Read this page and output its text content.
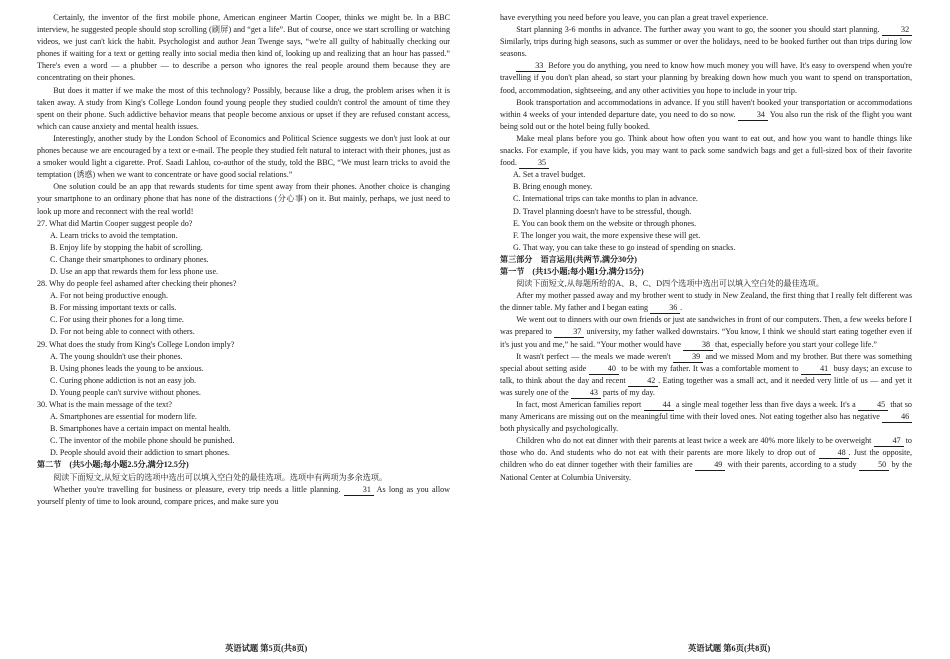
Certainly, the inventor of the first mobile phone, American engineer Martin Cooper, thinks we might be. In a BBC interview, he suggested people should stop scrolling (刷屏) and “get a life”. But of course, once we start scrolling or watching videos, we just can't kick the habit. Psychologist and author Jean Twenge says, “we're all guilty of habitually checking our phones if waiting for a text or getting really into social media then kind of, looking up and realizing that an hour has passed.” There's even a word — a phubber — to describe a person who ignores the real people around them because they are concentrating on their phones.

But does it matter if we make the most of this technology? Possibly, because like a drug, the problem arises when it is taken away. A study from King's College London found young people they studied couldn't control the amount of time they spent on their phone. Such addictive behavior means that people become anxious or upset if they are refused constant access, which can cause anxiety and mental health issues.

Interestingly, another study by the London School of Economics and Political Science suggests we don't just look at our phones because we are encouraged by a text or e-mail. The people they studied felt natural to interact with their phones, just as a smoker would light a cigarette. Prof. Saadi Lahlou, co-author of the study, told the BBC, “We must learn tricks to avoid the temptation (诱惑) when we want to concentrate or have good social relations.”

One solution could be an app that rewards students for time spent away from their phones. Another choice is changing your smartphone to an ordinary phone that has none of the distractions (分心事) on it. But mainly, perhaps, we just need to look up more and reconnect with the real world!

27. What did Martin Cooper suggest people do?

A. Learn tricks to avoid the temptation.

B. Enjoy life by stopping the habit of scrolling.

C. Change their smartphones to ordinary phones.

D. Use an app that rewards them for less phone use.

28. Why do people feel ashamed after checking their phones?

A. For not being productive enough.

B. For missing important texts or calls.

C. For using their phones for a long time.

D. For not being able to connect with others.

29. What does the study from King's College London imply?

A. The young shouldn't use their phones.

B. Using phones leads the young to be anxious.

C. Curing phone addiction is not an easy job.

D. Young people can't survive without phones.

30. What is the main message of the text?

A. Smartphones are essential for modern life.

B. Smartphones have a certain impact on mental health.

C. The inventor of the mobile phone should be punished.

D. People should avoid their addiction to smart phones.

第二节　(共5小题;每小题2.5分,满分12.5分)

阅读下面短文,从短文后的选项中选出可以填入空白处的最佳选项。选项中有两项为多余选项。

Whether you're travelling for business or pleasure, every trip needs a little planning.	31 As long as you allow yourself plenty of time to look around, compare prices, and make sure you

have everything you need before you leave, you can plan a great travel experience.

Start planning 3-6 months in advance. The further away you want to go, the sooner you should start planning.	32 Similarly, trips during high seasons, such as summer or over the holidays, need to be booked further out than trips during low seasons.

33 Before you do anything, you need to know how much money you will have. It's easy to overspend when you're travelling if you don't plan ahead, so start your planning by breaking down how much you want to spend on transportation, food, accommodation, sightseeing, and any other activities you hope to include in your trip.

Book transportation and accommodations in advance. If you still haven't booked your transportation or accommodations within 4 weeks of your intended departure date, you need to do so now.	34 You also run the risk of the flight you want being sold out or the hotel being fully booked.

Make meal plans before you go. Think about how often you want to eat out, and how you want to handle things like snacks. For example, if you have kids, you may want to pack some sandwich bags and get a full-sized box of their favorite food.	35

A. Set a travel budget.

B. Bring enough money.

C. International trips can take months to plan in advance.

D. Travel planning doesn't have to be stressful, though.

E. You can book them on the website or through phones.

F. The longer you wait, the more expensive these will get.

G. That way, you can take these to go instead of spending on snacks.

第三部分　语言运用(共两节,满分30分)

第一节　(共15小题;每小题1分,满分15分)

阅读下面短文,从每题所给的A、B、C、D四个选项中选出可以填入空白处的最佳选项。

After my mother passed away and my brother went to study in New Zealand, the first thing that I really felt different was the dinner table. My father and I began eating	36 .

We went out to dinners with our own friends or just ate sandwiches in front of our computers. Then, a few weeks before I was prepared to	37 university, my father walked downstairs. “You know, I think we should start eating together even if it's just you and me,” he said. “Your mother would have	38 that, especially before you start your college life.”

It wasn't perfect — the meals we made weren't	39 and we missed Mom and my brother. But there was something special about setting aside	40 to be with my father. It was a comfortable moment to	41 busy days; an excuse to talk, to think about the day and recent	42 . Eating together was a small act, and it needed very little of us — and yet it was surely one of the	43 parts of my day.

In fact, most American families report	44 a single meal together less than five days a week. It's a	45 that so many Americans are missing out on the meaningful time with their loved ones. Not eating together also has negative	46 both physically and psychologically.

Children who do not eat dinner with their parents at least twice a week are 40% more likely to be overweight	47 to those who do. And students who do not eat with their parents are more likely to drop out of	48 . Just the opposite, children who do eat dinner together with their families are	49 with their parents, according to a study	50 by the National Center at Columbia University.

英语试题 第5页(共8页)	英语试题 第6页(共8页)
